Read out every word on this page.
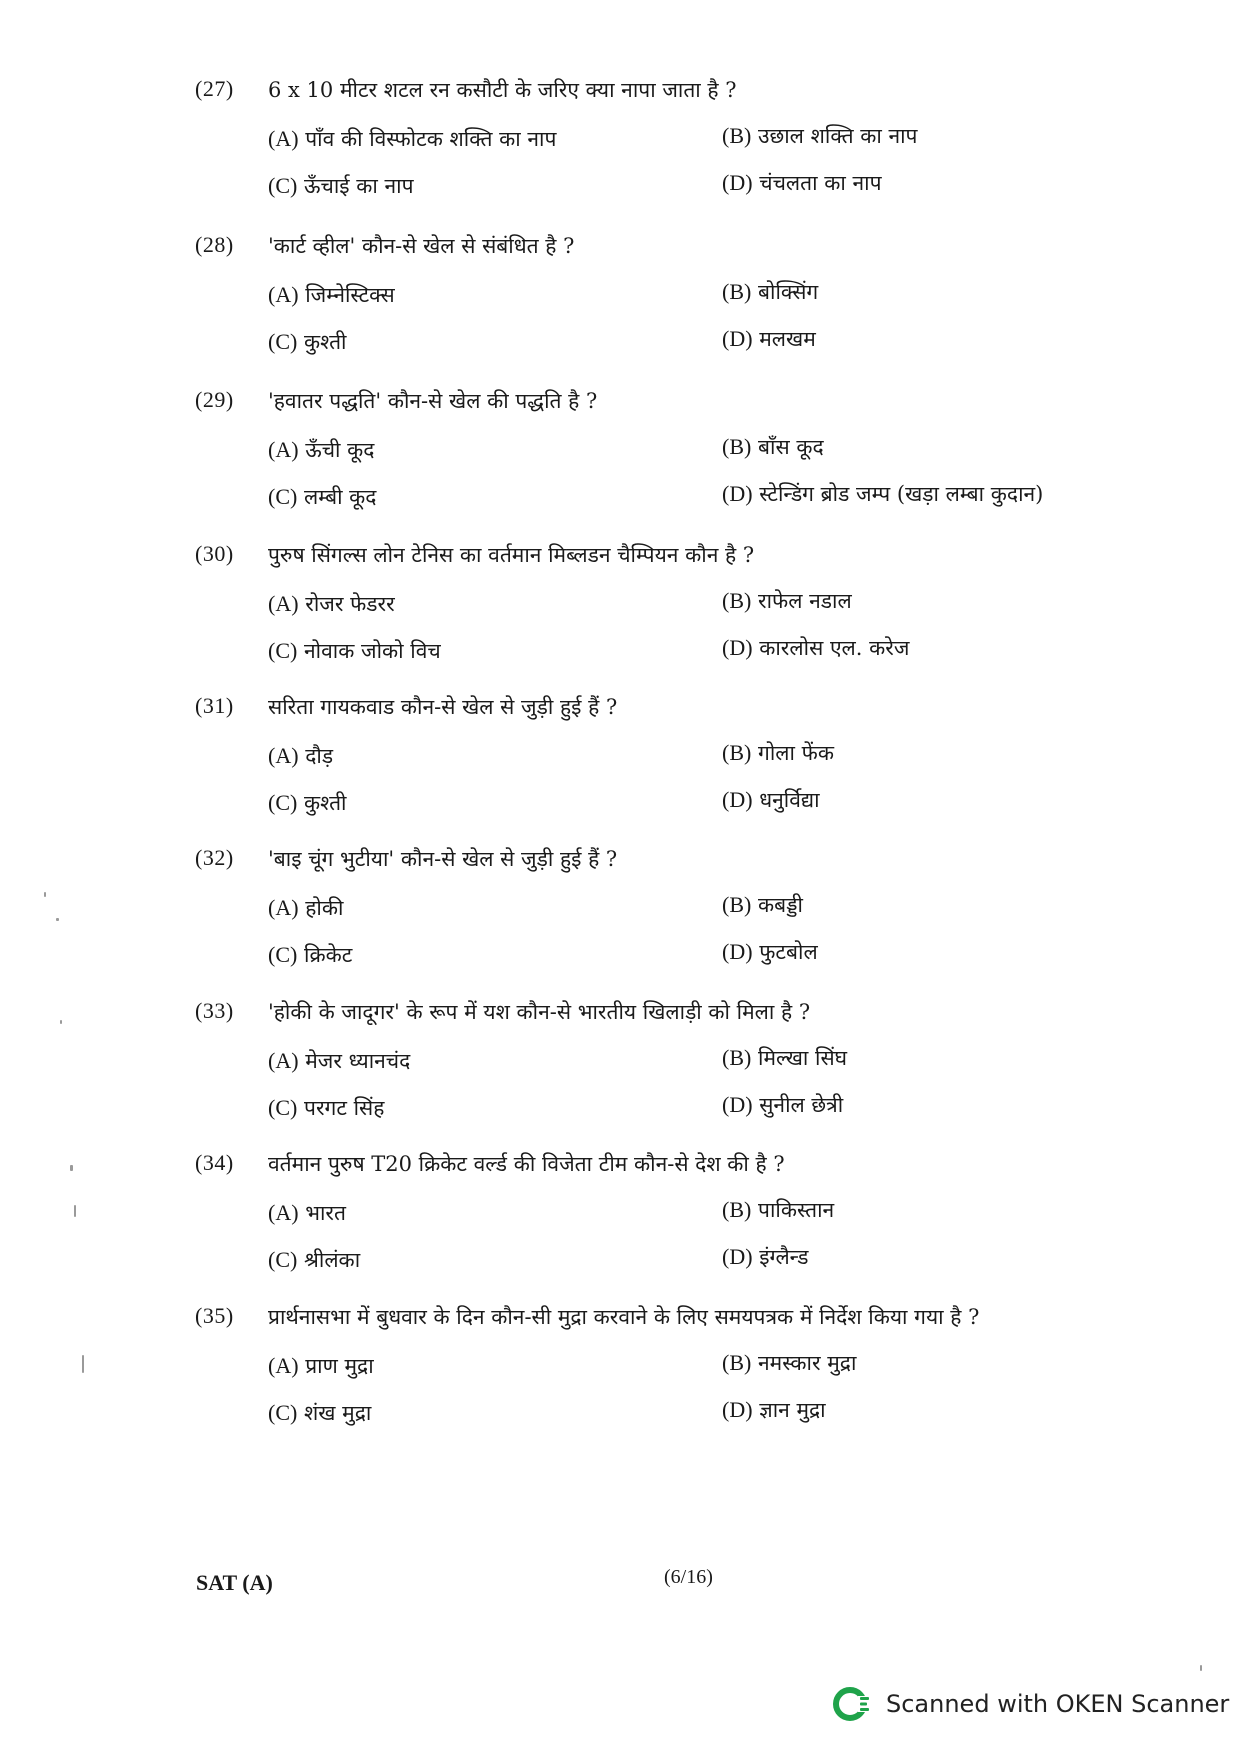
(27) 6 x 10 मीटर शटल रन कसौटी के जरिए क्या नापा जाता है ?
(A) पाँव की विस्फोटक शक्ति का नाप	(B) उछाल शक्ति का नाप
(C) ऊँचाई का नाप	(D) चंचलता का नाप
(28) 'कार्ट व्हील' कौन-से खेल से संबंधित है ?
(A) जिम्नेस्टिक्स	(B) बोक्सिंग
(C) कुश्ती	(D) मलखम
(29) 'हवातर पद्धति' कौन-से खेल की पद्धति है ?
(A) ऊँची कूद	(B) बाँस कूद
(C) लम्बी कूद	(D) स्टेन्डिंग ब्रोड जम्प (खड़ा लम्बा कुदान)
(30) पुरुष सिंगल्स लोन टेनिस का वर्तमान मिब्लडन चैम्पियन कौन है ?
(A) रोजर फेडरर	(B) राफेल नडाल
(C) नोवाक जोको विच	(D) कारलोस एल. करेज
(31) सरिता गायकवाड कौन-से खेल से जुड़ी हुई हैं ?
(A) दौड़	(B) गोला फेंक
(C) कुश्ती	(D) धनुर्विद्या
(32) 'बाइ चूंग भुटीया' कौन-से खेल से जुड़ी हुई हैं ?
(A) होकी	(B) कबड्डी
(C) क्रिकेट	(D) फुटबोल
(33) 'होकी के जादूगर' के रूप में यश कौन-से भारतीय खिलाड़ी को मिला है ?
(A) मेजर ध्यानचंद	(B) मिल्खा सिंघ
(C) परगट सिंह	(D) सुनील छेत्री
(34) वर्तमान पुरुष T20 क्रिकेट वर्ल्ड की विजेता टीम कौन-से देश की है ?
(A) भारत	(B) पाकिस्तान
(C) श्रीलंका	(D) इंग्लैन्ड
(35) प्रार्थनासभा में बुधवार के दिन कौन-सी मुद्रा करवाने के लिए समयपत्रक में निर्देश किया गया है ?
(A) प्राण मुद्रा	(B) नमस्कार मुद्रा
(C) शंख मुद्रा	(D) ज्ञान मुद्रा
SAT (A)	(6/16)
Scanned with OKEN Scanner
